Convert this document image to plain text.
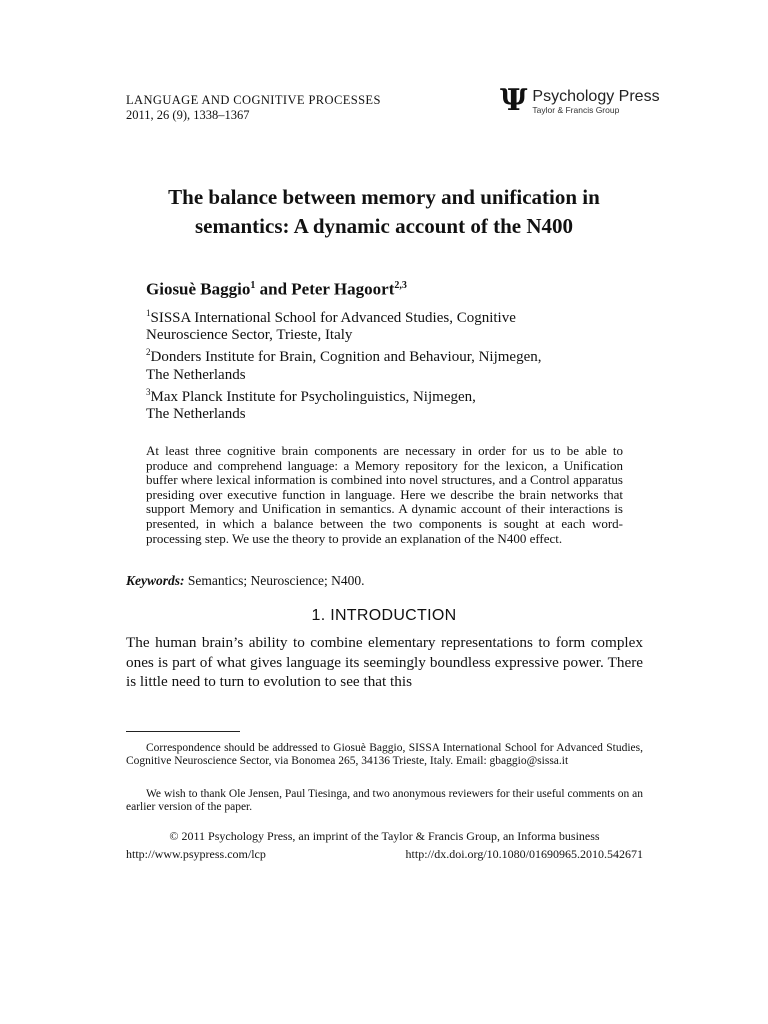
LANGUAGE AND COGNITIVE PROCESSES
2011, 26 (9), 1338–1367	Ψ Psychology Press
Taylor & Francis Group
The balance between memory and unification in
semantics: A dynamic account of the N400
Giosuè Baggio$^1$ and Peter Hagoort$^{2,3}$
$^1$SISSA International School for Advanced Studies, Cognitive
Neuroscience Sector, Trieste, Italy
$^2$Donders Institute for Brain, Cognition and Behaviour, Nijmegen,
The Netherlands
$^3$Max Planck Institute for Psycholinguistics, Nijmegen,
The Netherlands
At least three cognitive brain components are necessary in order for us to be able to produce and comprehend language: a Memory repository for the lexicon, a Unification buffer where lexical information is combined into novel structures, and a Control apparatus presiding over executive function in language. Here we describe the brain networks that support Memory and Unification in semantics. A dynamic account of their interactions is presented, in which a balance between the two components is sought at each word-processing step. We use the theory to provide an explanation of the N400 effect.
Keywords: Semantics; Neuroscience; N400.
1. INTRODUCTION
The human brain’s ability to combine elementary representations to form complex ones is part of what gives language its seemingly boundless expressive power. There is little need to turn to evolution to see that this
Correspondence should be addressed to Giosuè Baggio, SISSA International School for Advanced Studies, Cognitive Neuroscience Sector, via Bonomea 265, 34136 Trieste, Italy. Email: gbaggio@sissa.it
We wish to thank Ole Jensen, Paul Tiesinga, and two anonymous reviewers for their useful comments on an earlier version of the paper.
© 2011 Psychology Press, an imprint of the Taylor & Francis Group, an Informa business
http://www.psypress.com/lcp	http://dx.doi.org/10.1080/01690965.2010.542671
